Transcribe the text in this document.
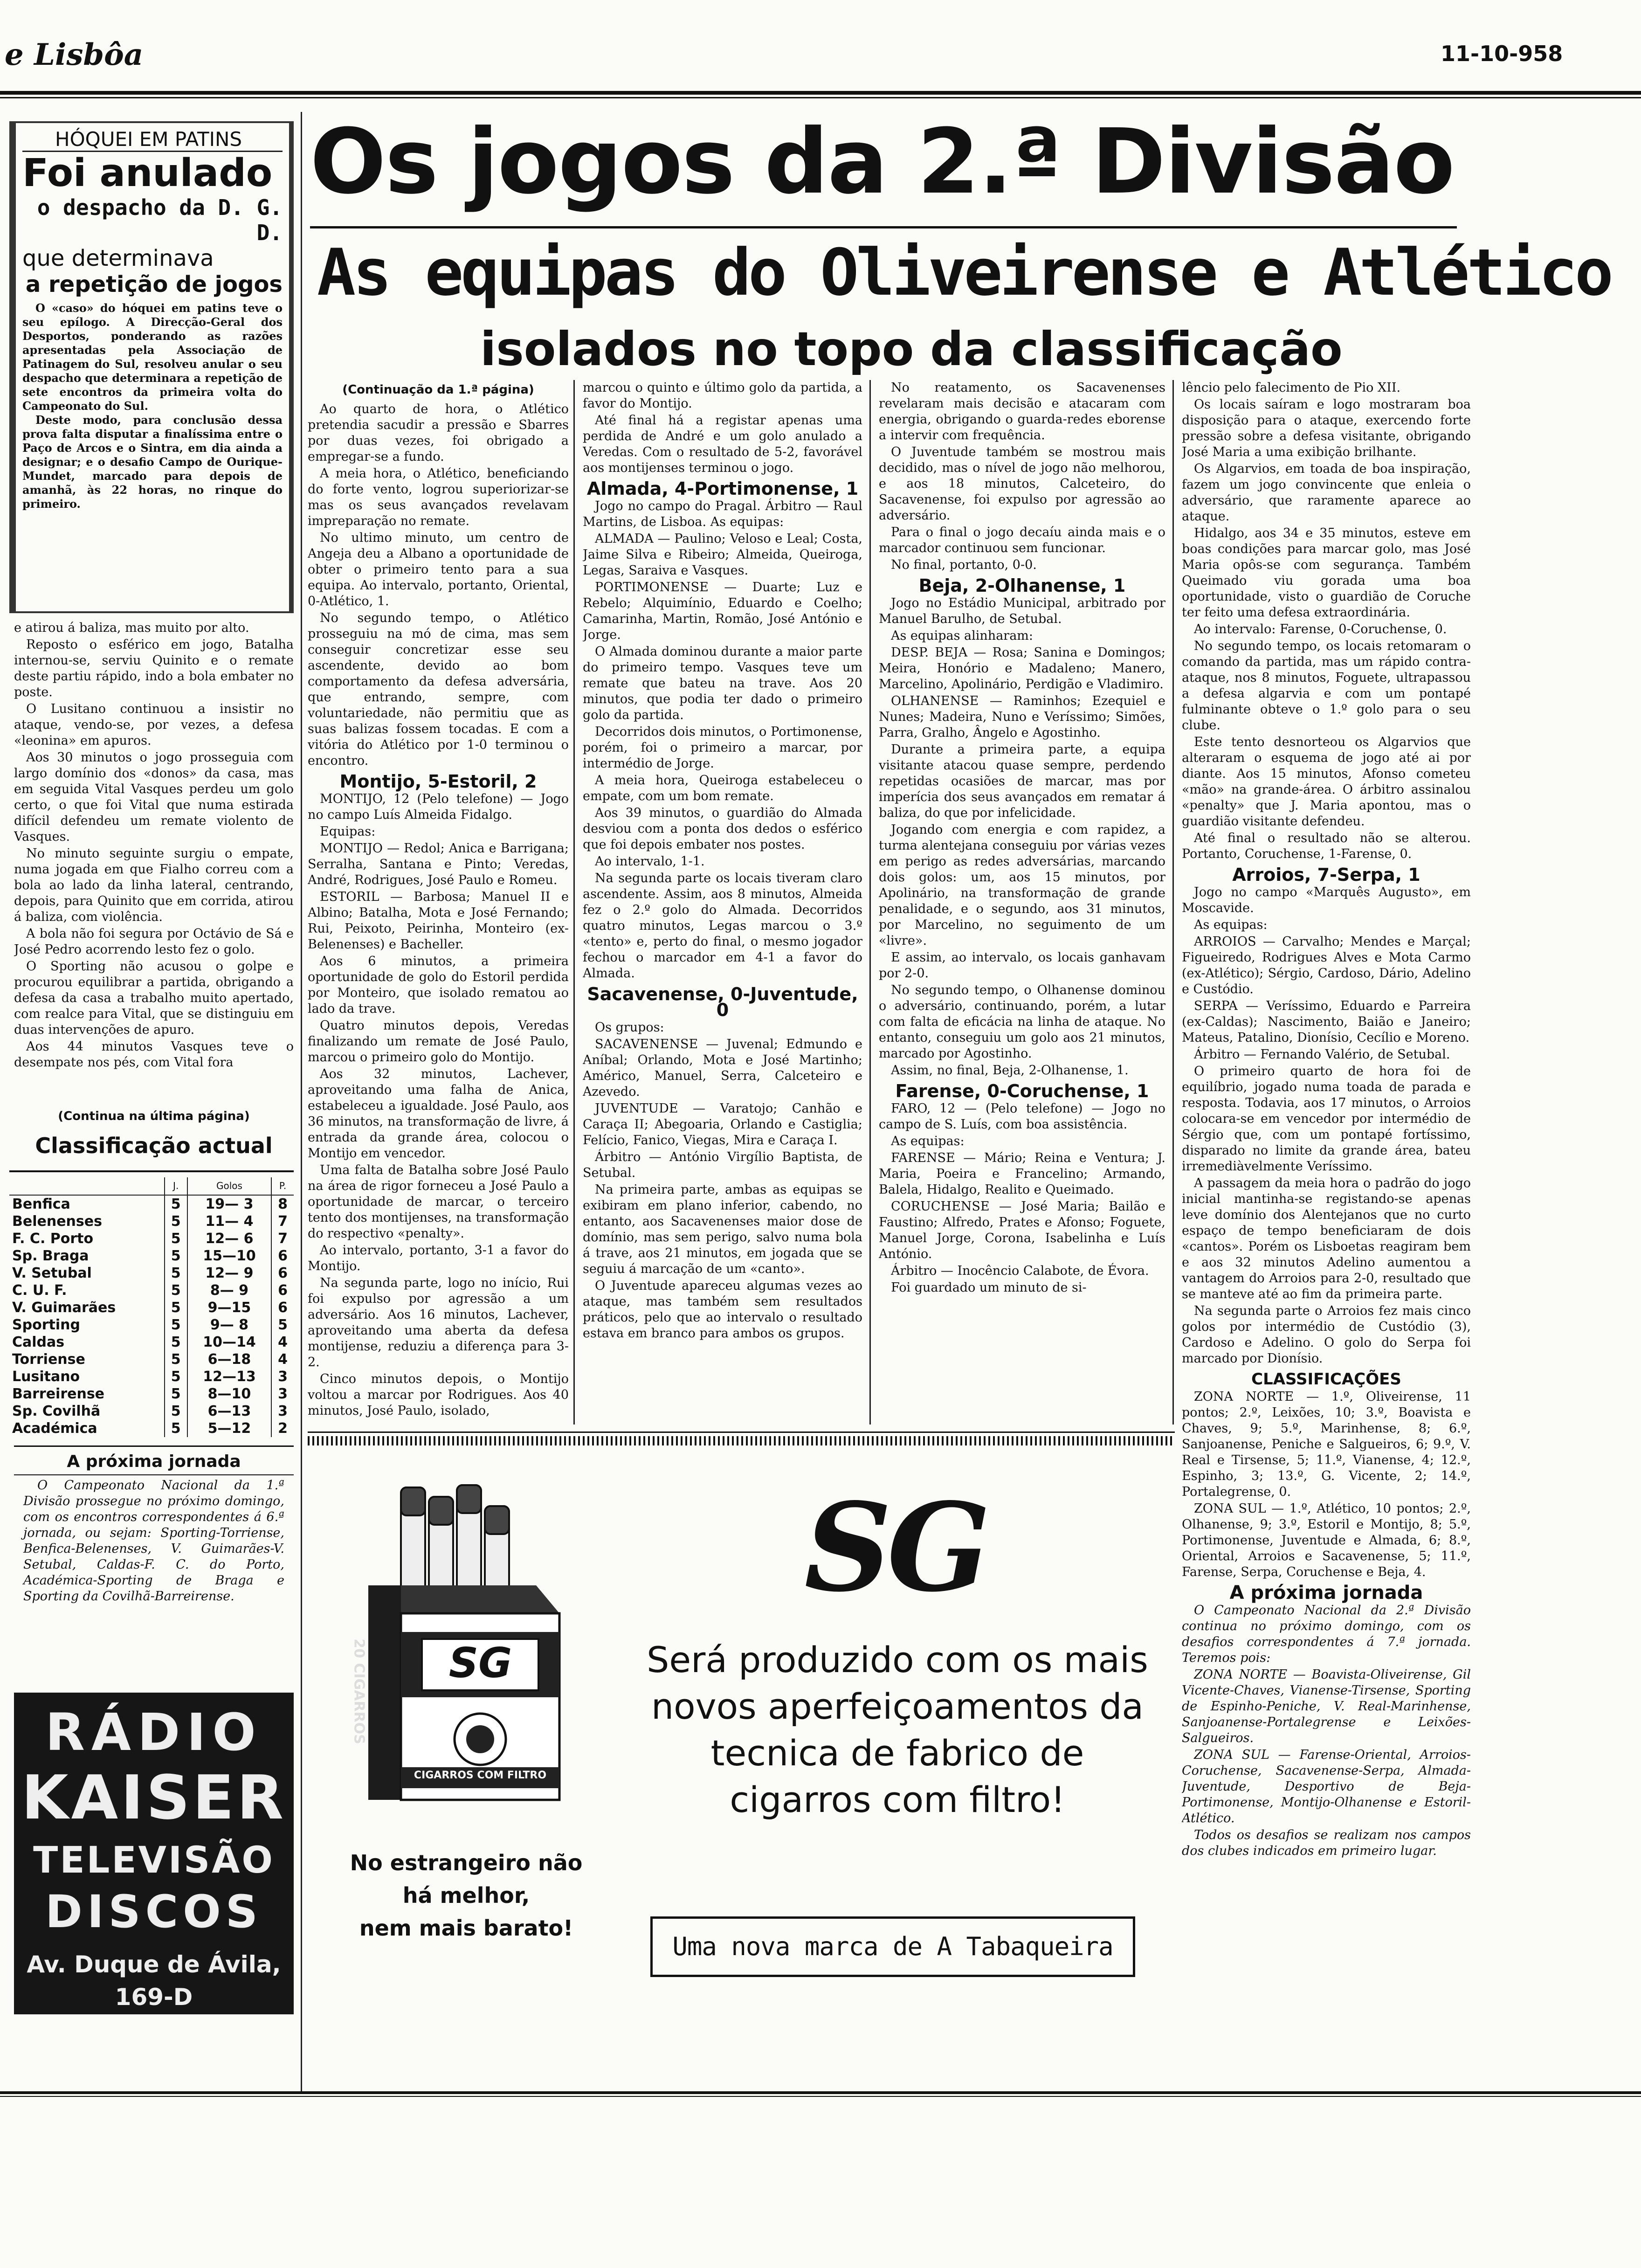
e Lisbôa	11-10-958
HÓQUEI EM PATINS
Foi anulado
o despacho da D. G. D.
que determinava
a repetição de jogos

O «caso» do hóquei em patins teve o seu epílogo. A Direcção-Geral dos Desportos, ponderando as razões apresentadas pela Associação de Patinagem do Sul, resolveu anular o seu despacho que determinara a repetição de sete encontros da primeira volta do Campeonato do Sul.

Deste modo, para conclusão dessa prova falta disputar a finalíssima entre o Paço de Arcos e o Sintra, em dia ainda a designar; e o desafio Campo de Ourique-Mundet, marcado para depois de amanhã, às 22 horas, no rinque do primeiro.

Os jogos da 2.ª Divisão
As equipas do Oliveirense e Atlético
isolados no topo da classificação

e atirou á baliza, mas muito por alto.

Reposto o esférico em jogo, Batalha internou-se, serviu Quinito e o remate deste partiu rápido, indo a bola embater no poste.

O Lusitano continuou a insistir no ataque, vendo-se, por vezes, a defesa «leonina» em apuros.

Aos 30 minutos o jogo prosseguia com largo domínio dos «donos» da casa, mas em seguida Vital Vasques perdeu um golo certo, o que foi Vital que numa estirada difícil defendeu um remate violento de Vasques.

No minuto seguinte surgiu o empate, numa jogada em que Fialho correu com a bola ao lado da linha lateral, centrando, depois, para Quinito que em corrida, atirou á baliza, com violência.

A bola não foi segura por Octávio de Sá e José Pedro acorrendo lesto fez o golo.

O Sporting não acusou o golpe e procurou equilibrar a partida, obrigando a defesa da casa a trabalho muito apertado, com realce para Vital, que se distinguiu em duas intervenções de apuro.

Aos 44 minutos Vasques teve o desempate nos pés, com Vital fora

(Continua na última página)
Classificação actual
	J.	Golos	P.
Benfica	5	19— 3	8
Belenenses	5	11— 4	7
F. C. Porto	5	12— 6	7
Sp. Braga	5	15—10	6
V. Setubal	5	12— 9	6
C. U. F.	5	8— 9	6
V. Guimarães	5	9—15	6
Sporting	5	9— 8	5
Caldas	5	10—14	4
Torriense	5	6—18	4
Lusitano	5	12—13	3
Barreirense	5	8—10	3
Sp. Covilhã	5	6—13	3
Académica	5	5—12	2
A próxima jornada

O Campeonato Nacional da 1.ª Divisão prossegue no próximo domingo, com os encontros correspondentes á 6.ª jornada, ou sejam: Sporting-Torriense, Benfica-Belenenses, V. Guimarães-V. Setubal, Caldas-F. C. do Porto, Académica-Sporting de Braga e Sporting da Covilhã-Barreirense.

RÁDIO
KAISER
TELEVISÃO
DISCOS
Av. Duque de Ávila, 169-D
(Continuação da 1.ª página)

Ao quarto de hora, o Atlético pretendia sacudir a pressão e Sbarres por duas vezes, foi obrigado a empregar-se a fundo.

A meia hora, o Atlético, beneficiando do forte vento, logrou superiorizar-se mas os seus avançados revelavam impreparação no remate.

No ultimo minuto, um centro de Angeja deu a Albano a oportunidade de obter o primeiro tento para a sua equipa. Ao intervalo, portanto, Oriental, 0-Atlético, 1.

No segundo tempo, o Atlético prosseguiu na mó de cima, mas sem conseguir concretizar esse seu ascendente, devido ao bom comportamento da defesa adversária, que entrando, sempre, com voluntariedade, não permitiu que as suas balizas fossem tocadas. E com a vitória do Atlético por 1-0 terminou o encontro.

Montijo, 5-Estoril, 2

MONTIJO, 12 (Pelo telefone) — Jogo no campo Luís Almeida Fidalgo.

Equipas:

MONTIJO — Redol; Anica e Barrigana; Serralha, Santana e Pinto; Veredas, André, Rodrigues, José Paulo e Romeu.

ESTORIL — Barbosa; Manuel II e Albino; Batalha, Mota e José Fernando; Rui, Peixoto, Peirinha, Monteiro (ex-Belenenses) e Bacheller.

Aos 6 minutos, a primeira oportunidade de golo do Estoril perdida por Monteiro, que isolado rematou ao lado da trave.

Quatro minutos depois, Veredas finalizando um remate de José Paulo, marcou o primeiro golo do Montijo.

Aos 32 minutos, Lachever, aproveitando uma falha de Anica, estabeleceu a igualdade. José Paulo, aos 36 minutos, na transformação de livre, á entrada da grande área, colocou o Montijo em vencedor.

Uma falta de Batalha sobre José Paulo na área de rigor forneceu a José Paulo a oportunidade de marcar, o terceiro tento dos montijenses, na transformação do respectivo «penalty».

Ao intervalo, portanto, 3-1 a favor do Montijo.

Na segunda parte, logo no início, Rui foi expulso por agressão a um adversário. Aos 16 minutos, Lachever, aproveitando uma aberta da defesa montijense, reduziu a diferença para 3-2.

Cinco minutos depois, o Montijo voltou a marcar por Rodrigues. Aos 40 minutos, José Paulo, isolado,

marcou o quinto e último golo da partida, a favor do Montijo.

Até final há a registar apenas uma perdida de André e um golo anulado a Veredas. Com o resultado de 5-2, favorável aos montijenses terminou o jogo.

Almada, 4-Portimonense, 1

Jogo no campo do Pragal. Árbitro — Raul Martins, de Lisboa. As equipas:

ALMADA — Paulino; Veloso e Leal; Costa, Jaime Silva e Ribeiro; Almeida, Queiroga, Legas, Saraiva e Vasques.

PORTIMONENSE — Duarte; Luz e Rebelo; Alquimínio, Eduardo e Coelho; Camarinha, Martin, Romão, José António e Jorge.

O Almada dominou durante a maior parte do primeiro tempo. Vasques teve um remate que bateu na trave. Aos 20 minutos, que podia ter dado o primeiro golo da partida.

Decorridos dois minutos, o Portimonense, porém, foi o primeiro a marcar, por intermédio de Jorge.

A meia hora, Queiroga estabeleceu o empate, com um bom remate.

Aos 39 minutos, o guardião do Almada desviou com a ponta dos dedos o esférico que foi depois embater nos postes.

Ao intervalo, 1-1.

Na segunda parte os locais tiveram claro ascendente. Assim, aos 8 minutos, Almeida fez o 2.º golo do Almada. Decorridos quatro minutos, Legas marcou o 3.º «tento» e, perto do final, o mesmo jogador fechou o marcador em 4-1 a favor do Almada.

Sacavenense, 0-Juventude, 0

Os grupos:

SACAVENENSE — Juvenal; Edmundo e Aníbal; Orlando, Mota e José Martinho; Américo, Manuel, Serra, Calceteiro e Azevedo.

JUVENTUDE — Varatojo; Canhão e Caraça II; Abegoaria, Orlando e Castiglia; Felício, Fanico, Viegas, Mira e Caraça I.

Árbitro — António Virgílio Baptista, de Setubal.

Na primeira parte, ambas as equipas se exibiram em plano inferior, cabendo, no entanto, aos Sacavenenses maior dose de domínio, mas sem perigo, salvo numa bola á trave, aos 21 minutos, em jogada que se seguiu á marcação de um «canto».

O Juventude apareceu algumas vezes ao ataque, mas também sem resultados práticos, pelo que ao intervalo o resultado estava em branco para ambos os grupos.

No reatamento, os Sacavenenses revelaram mais decisão e atacaram com energia, obrigando o guarda-redes eborense a intervir com frequência.

O Juventude também se mostrou mais decidido, mas o nível de jogo não melhorou, e aos 18 minutos, Calceteiro, do Sacavenense, foi expulso por agressão ao adversário.

Para o final o jogo decaíu ainda mais e o marcador continuou sem funcionar.

No final, portanto, 0-0.

Beja, 2-Olhanense, 1

Jogo no Estádio Municipal, arbitrado por Manuel Barulho, de Setubal.

As equipas alinharam:

DESP. BEJA — Rosa; Sanina e Domingos; Meira, Honório e Madaleno; Manero, Marcelino, Apolinário, Perdigão e Vladimiro.

OLHANENSE — Raminhos; Ezequiel e Nunes; Madeira, Nuno e Veríssimo; Simões, Parra, Gralho, Ângelo e Agostinho.

Durante a primeira parte, a equipa visitante atacou quase sempre, perdendo repetidas ocasiões de marcar, mas por imperícia dos seus avançados em rematar á baliza, do que por infelicidade.

Jogando com energia e com rapidez, a turma alentejana conseguiu por várias vezes em perigo as redes adversárias, marcando dois golos: um, aos 15 minutos, por Apolinário, na transformação de grande penalidade, e o segundo, aos 31 minutos, por Marcelino, no seguimento de um «livre».

E assim, ao intervalo, os locais ganhavam por 2-0.

No segundo tempo, o Olhanense dominou o adversário, continuando, porém, a lutar com falta de eficácia na linha de ataque. No entanto, conseguiu um golo aos 21 minutos, marcado por Agostinho.

Assim, no final, Beja, 2-Olhanense, 1.

Farense, 0-Coruchense, 1

FARO, 12 — (Pelo telefone) — Jogo no campo de S. Luís, com boa assistência.

As equipas:

FARENSE — Mário; Reina e Ventura; J. Maria, Poeira e Francelino; Armando, Balela, Hidalgo, Realito e Queimado.

CORUCHENSE — José Maria; Bailão e Faustino; Alfredo, Prates e Afonso; Foguete, Manuel Jorge, Corona, Isabelinha e Luís António.

Árbitro — Inocêncio Calabote, de Évora.

Foi guardado um minuto de si-

lêncio pelo falecimento de Pio XII.

Os locais saíram e logo mostraram boa disposição para o ataque, exercendo forte pressão sobre a defesa visitante, obrigando José Maria a uma exibição brilhante.

Os Algarvios, em toada de boa inspiração, fazem um jogo convincente que enleia o adversário, que raramente aparece ao ataque.

Hidalgo, aos 34 e 35 minutos, esteve em boas condições para marcar golo, mas José Maria opôs-se com segurança. Também Queimado viu gorada uma boa oportunidade, visto o guardião de Coruche ter feito uma defesa extraordinária.

Ao intervalo: Farense, 0-Coruchense, 0.

No segundo tempo, os locais retomaram o comando da partida, mas um rápido contra-ataque, nos 8 minutos, Foguete, ultrapassou a defesa algarvia e com um pontapé fulminante obteve o 1.º golo para o seu clube.

Este tento desnorteou os Algarvios que alteraram o esquema de jogo até ai por diante. Aos 15 minutos, Afonso cometeu «mão» na grande-área. O árbitro assinalou «penalty» que J. Maria apontou, mas o guardião visitante defendeu.

Até final o resultado não se alterou. Portanto, Coruchense, 1-Farense, 0.

Arroios, 7-Serpa, 1

Jogo no campo «Marquês Augusto», em Moscavide.

As equipas:

ARROIOS — Carvalho; Mendes e Marçal; Figueiredo, Rodrigues Alves e Mota Carmo (ex-Atlético); Sérgio, Cardoso, Dário, Adelino e Custódio.

SERPA — Veríssimo, Eduardo e Parreira (ex-Caldas); Nascimento, Baião e Janeiro; Mateus, Patalino, Dionísio, Cecílio e Moreno.

Árbitro — Fernando Valério, de Setubal.

O primeiro quarto de hora foi de equilíbrio, jogado numa toada de parada e resposta. Todavia, aos 17 minutos, o Arroios colocara-se em vencedor por intermédio de Sérgio que, com um pontapé fortíssimo, disparado no limite da grande área, bateu irremediàvelmente Veríssimo.

A passagem da meia hora o padrão do jogo inicial mantinha-se registando-se apenas leve domínio dos Alentejanos que no curto espaço de tempo beneficiaram de dois «cantos». Porém os Lisboetas reagiram bem e aos 32 minutos Adelino aumentou a vantagem do Arroios para 2-0, resultado que se manteve até ao fim da primeira parte.

Na segunda parte o Arroios fez mais cinco golos por intermédio de Custódio (3), Cardoso e Adelino. O golo do Serpa foi marcado por Dionísio.

CLASSIFICAÇÕES

ZONA NORTE — 1.º, Oliveirense, 11 pontos; 2.º, Leixões, 10; 3.º, Boavista e Chaves, 9; 5.º, Marinhense, 8; 6.º, Sanjoanense, Peniche e Salgueiros, 6; 9.º, V. Real e Tirsense, 5; 11.º, Vianense, 4; 12.º, Espinho, 3; 13.º, G. Vicente, 2; 14.º, Portalegrense, 0.

ZONA SUL — 1.º, Atlético, 10 pontos; 2.º, Olhanense, 9; 3.º, Estoril e Montijo, 8; 5.º, Portimonense, Juventude e Almada, 6; 8.º, Oriental, Arroios e Sacavenense, 5; 11.º, Farense, Serpa, Coruchense e Beja, 4.

A próxima jornada

O Campeonato Nacional da 2.ª Divisão continua no próximo domingo, com os desafios correspondentes á 7.ª jornada. Teremos pois:

ZONA NORTE — Boavista-Oliveirense, Gil Vicente-Chaves, Vianense-Tirsense, Sporting de Espinho-Peniche, V. Real-Marinhense, Sanjoanense-Portalegrense e Leixões-Salgueiros.

ZONA SUL — Farense-Oriental, Arroios-Coruchense, Sacavenense-Serpa, Almada-Juventude, Desportivo de Beja-Portimonense, Montijo-Olhanense e Estoril-Atlético.

Todos os desafios se realizam nos campos dos clubes indicados em primeiro lugar.

SG
20 CIGARROS
CIGARROS COM FILTRO
No estrangeiro não
há melhor,
nem mais barato!
SG
Será produzido com os mais
novos aperfeiçoamentos da
tecnica de fabrico de
cigarros com filtro!
Uma nova marca de A Tabaqueira
